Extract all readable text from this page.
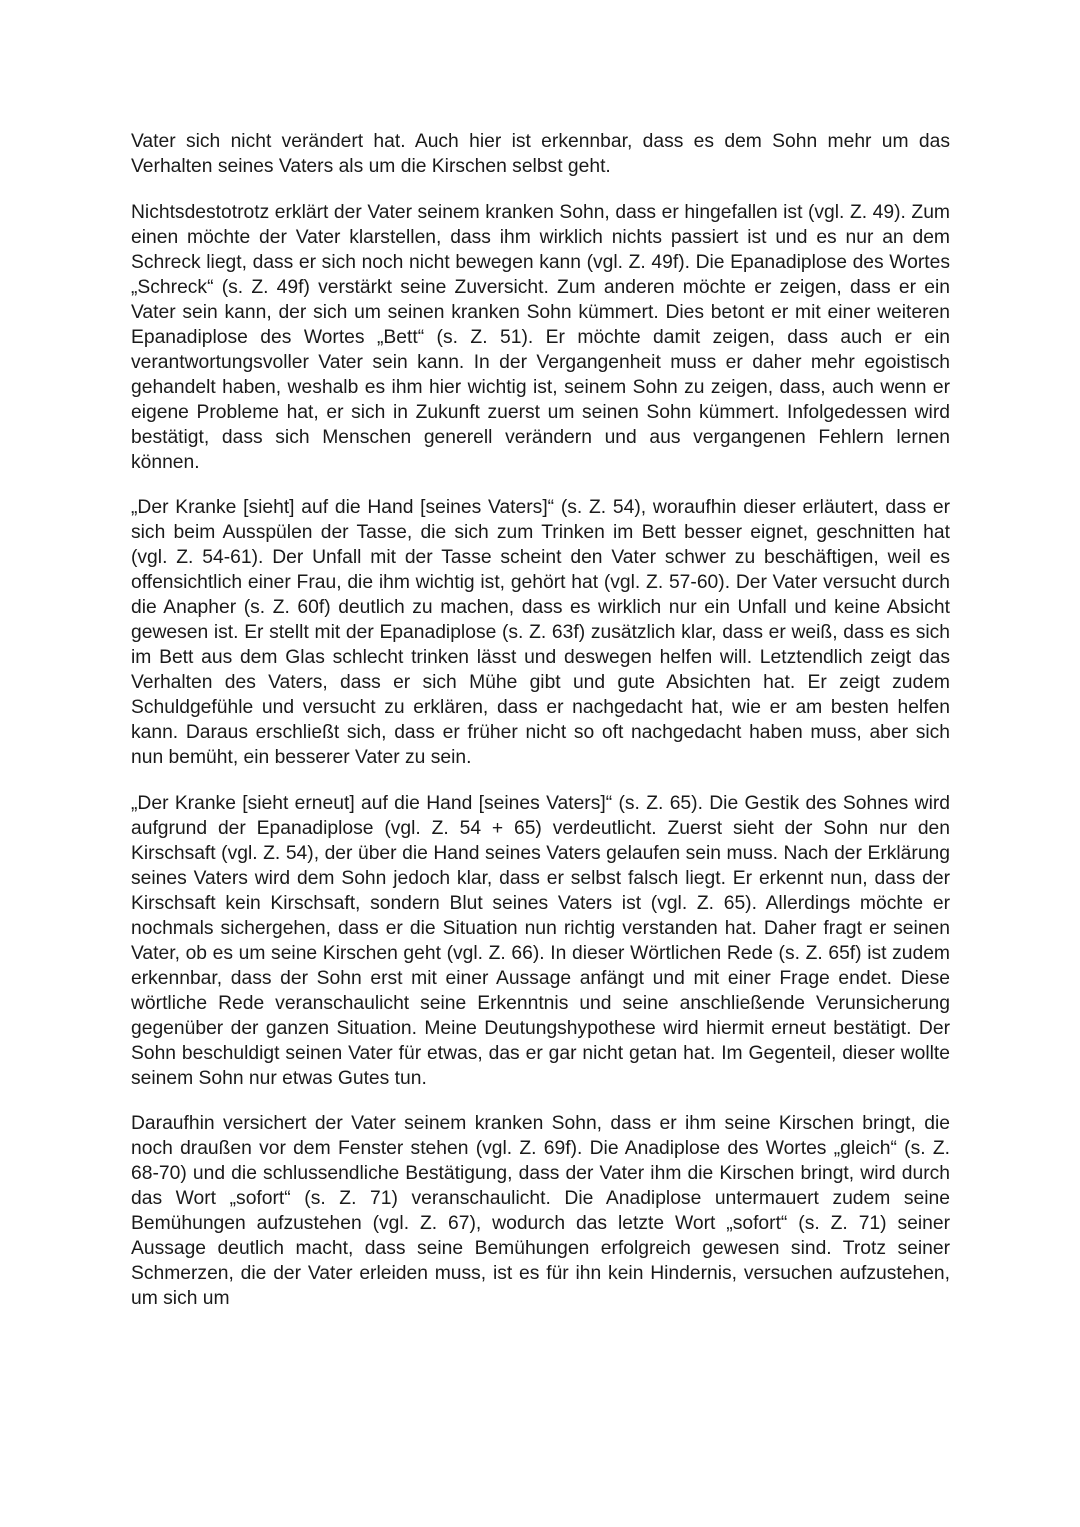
Vater sich nicht verändert hat. Auch hier ist erkennbar, dass es dem Sohn mehr um das Verhalten seines Vaters als um die Kirschen selbst geht.

Nichtsdestotrotz erklärt der Vater seinem kranken Sohn, dass er hingefallen ist (vgl. Z. 49). Zum einen möchte der Vater klarstellen, dass ihm wirklich nichts passiert ist und es nur an dem Schreck liegt, dass er sich noch nicht bewegen kann (vgl. Z. 49f). Die Epanadiplose des Wortes „Schreck“ (s. Z. 49f) verstärkt seine Zuversicht. Zum anderen möchte er zeigen, dass er ein Vater sein kann, der sich um seinen kranken Sohn kümmert. Dies betont er mit einer weiteren Epanadiplose des Wortes „Bett“ (s. Z. 51). Er möchte damit zeigen, dass auch er ein verantwortungsvoller Vater sein kann. In der Vergangenheit muss er daher mehr egoistisch gehandelt haben, weshalb es ihm hier wichtig ist, seinem Sohn zu zeigen, dass, auch wenn er eigene Probleme hat, er sich in Zukunft zuerst um seinen Sohn kümmert. Infolgedessen wird bestätigt, dass sich Menschen generell verändern und aus vergangenen Fehlern lernen können.

„Der Kranke [sieht] auf die Hand [seines Vaters]“ (s. Z. 54), woraufhin dieser erläutert, dass er sich beim Ausspülen der Tasse, die sich zum Trinken im Bett besser eignet, geschnitten hat (vgl. Z. 54-61). Der Unfall mit der Tasse scheint den Vater schwer zu beschäftigen, weil es offensichtlich einer Frau, die ihm wichtig ist, gehört hat (vgl. Z. 57-60). Der Vater versucht durch die Anapher (s. Z. 60f) deutlich zu machen, dass es wirklich nur ein Unfall und keine Absicht gewesen ist. Er stellt mit der Epanadiplose (s. Z. 63f) zusätzlich klar, dass er weiß, dass es sich im Bett aus dem Glas schlecht trinken lässt und deswegen helfen will. Letztendlich zeigt das Verhalten des Vaters, dass er sich Mühe gibt und gute Absichten hat. Er zeigt zudem Schuldgefühle und versucht zu erklären, dass er nachgedacht hat, wie er am besten helfen kann. Daraus erschließt sich, dass er früher nicht so oft nachgedacht haben muss, aber sich nun bemüht, ein besserer Vater zu sein.

„Der Kranke [sieht erneut] auf die Hand [seines Vaters]“ (s. Z. 65). Die Gestik des Sohnes wird aufgrund der Epanadiplose (vgl. Z. 54 + 65) verdeutlicht. Zuerst sieht der Sohn nur den Kirschsaft (vgl. Z. 54), der über die Hand seines Vaters gelaufen sein muss. Nach der Erklärung seines Vaters wird dem Sohn jedoch klar, dass er selbst falsch liegt. Er erkennt nun, dass der Kirschsaft kein Kirschsaft, sondern Blut seines Vaters ist (vgl. Z. 65). Allerdings möchte er nochmals sichergehen, dass er die Situation nun richtig verstanden hat. Daher fragt er seinen Vater, ob es um seine Kirschen geht (vgl. Z. 66). In dieser Wörtlichen Rede (s. Z. 65f) ist zudem erkennbar, dass der Sohn erst mit einer Aussage anfängt und mit einer Frage endet. Diese wörtliche Rede veranschaulicht seine Erkenntnis und seine anschließende Verunsicherung gegenüber der ganzen Situation. Meine Deutungshypothese wird hiermit erneut bestätigt. Der Sohn beschuldigt seinen Vater für etwas, das er gar nicht getan hat. Im Gegenteil, dieser wollte seinem Sohn nur etwas Gutes tun.

Daraufhin versichert der Vater seinem kranken Sohn, dass er ihm seine Kirschen bringt, die noch draußen vor dem Fenster stehen (vgl. Z. 69f). Die Anadiplose des Wortes „gleich“ (s. Z. 68-70) und die schlussendliche Bestätigung, dass der Vater ihm die Kirschen bringt, wird durch das Wort „sofort“ (s. Z. 71) veranschaulicht. Die Anadiplose untermauert zudem seine Bemühungen aufzustehen (vgl. Z. 67), wodurch das letzte Wort „sofort“ (s. Z. 71) seiner Aussage deutlich macht, dass seine Bemühungen erfolgreich gewesen sind. Trotz seiner Schmerzen, die der Vater erleiden muss, ist es für ihn kein Hindernis, versuchen aufzustehen, um sich um
